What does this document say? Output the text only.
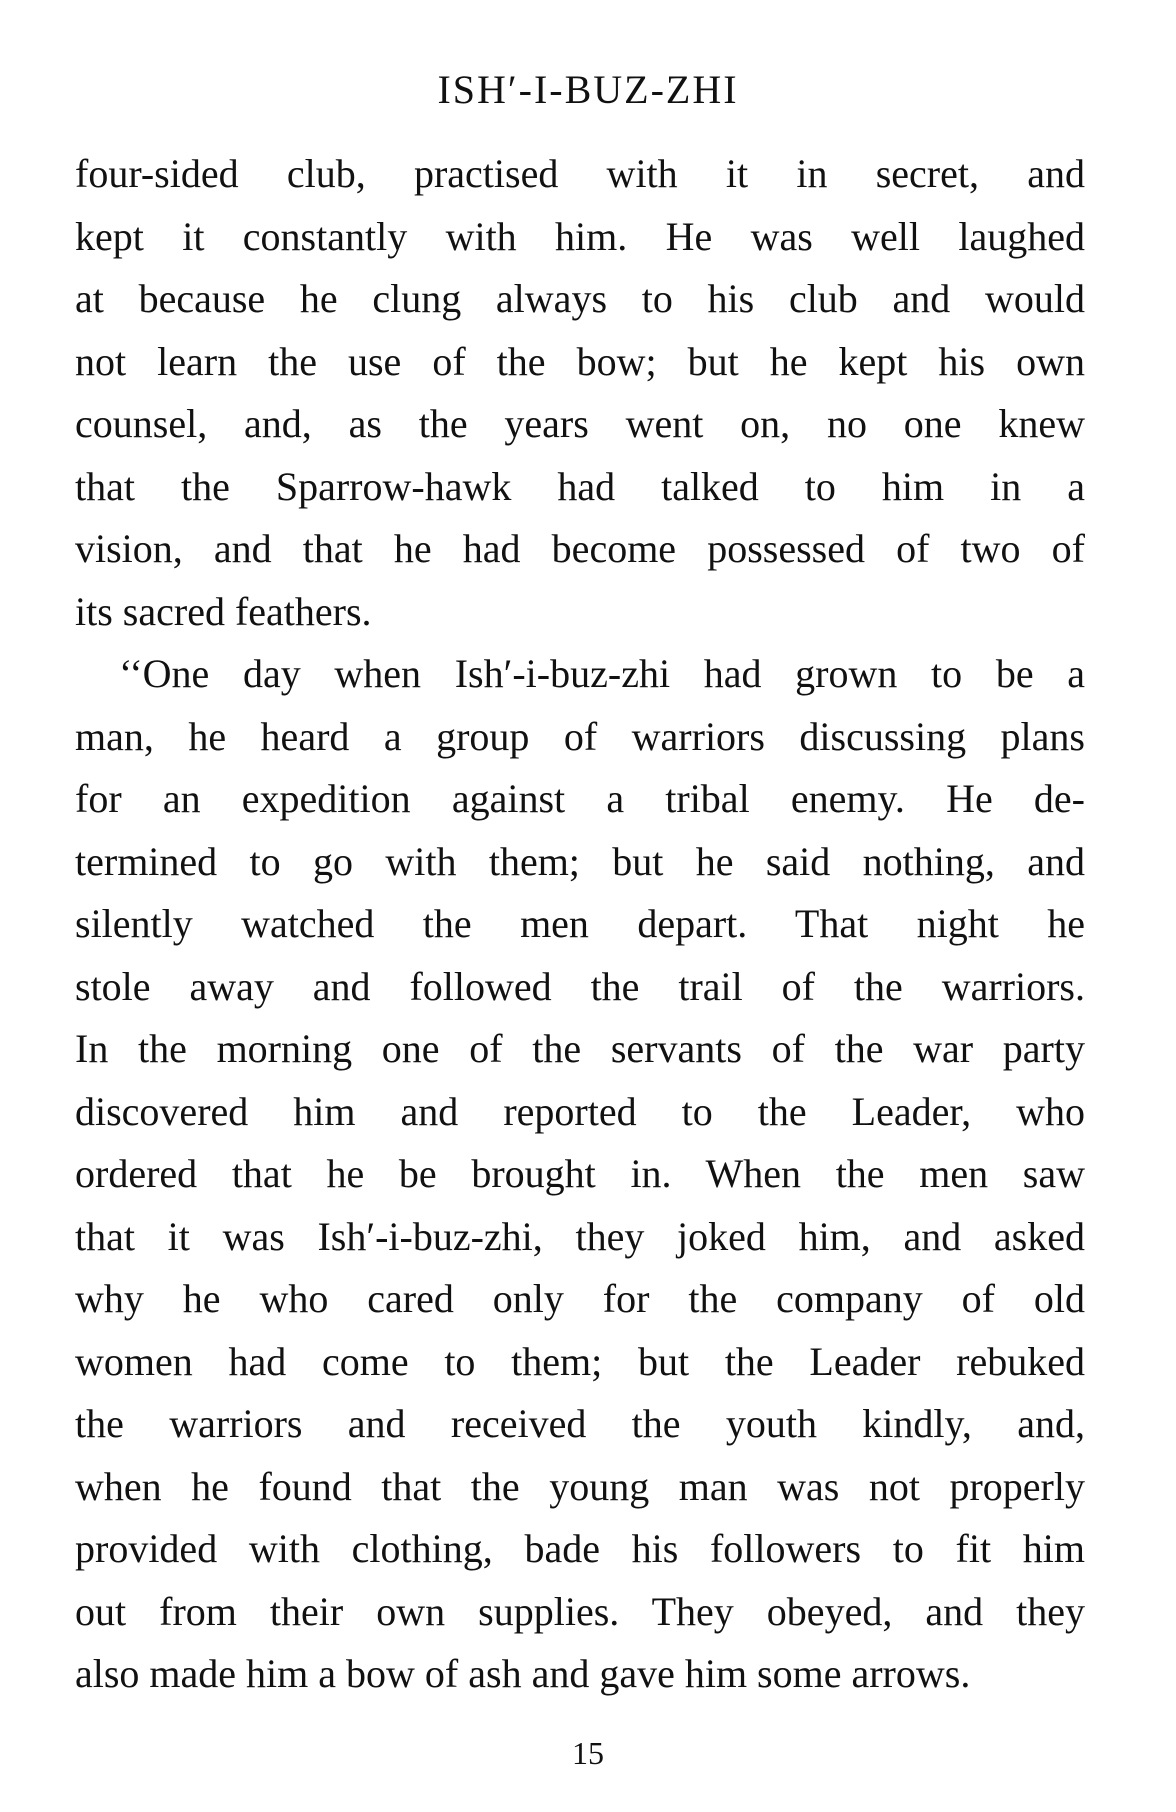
ISH′-I-BUZ-ZHI
four-sided club, practised with it in secret, and
kept it constantly with him. He was well laughed
at because he clung always to his club and would
not learn the use of the bow; but he kept his own
counsel, and, as the years went on, no one knew
that the Sparrow-hawk had talked to him in a
vision, and that he had become possessed of two of
its sacred feathers.
‘‘One day when Ish′-i-buz-zhi had grown to be a
man, he heard a group of warriors discussing plans
for an expedition against a tribal enemy. He de-
termined to go with them; but he said nothing, and
silently watched the men depart. That night he
stole away and followed the trail of the warriors.
In the morning one of the servants of the war party
discovered him and reported to the Leader, who
ordered that he be brought in. When the men saw
that it was Ish′-i-buz-zhi, they joked him, and asked
why he who cared only for the company of old
women had come to them; but the Leader rebuked
the warriors and received the youth kindly, and,
when he found that the young man was not properly
provided with clothing, bade his followers to fit him
out from their own supplies. They obeyed, and they
also made him a bow of ash and gave him some arrows.
15
